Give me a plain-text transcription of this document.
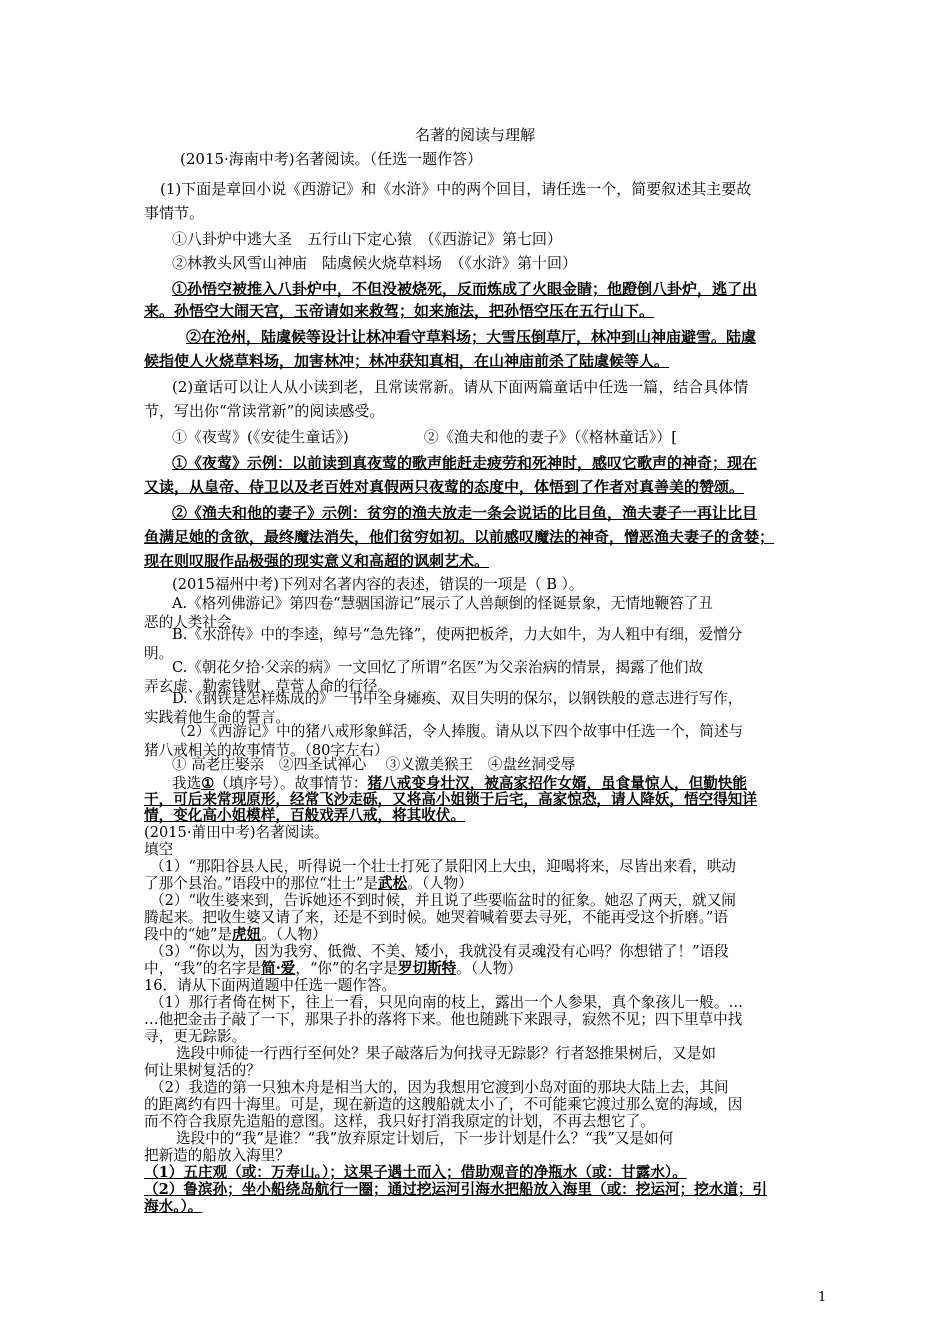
名著的阅读与理解
(2015·海南中考)名著阅读。（任选一题作答）
(1)下面是章回小说《西游记》和《水浒》中的两个回目，请任选一个，简要叙述其主要故
事情节。
①八卦炉中逃大圣　五行山下定心猿　（《西游记》第七回）
②林教头风雪山神庙　陆虞候火烧草料场　（《水浒》第十回）
①孙悟空被推入八卦炉中，不但没被烧死，反而炼成了火眼金睛；他蹬倒八卦炉，逃了出
来。孙悟空大闹天宫，玉帝请如来救驾；如来施法，把孙悟空压在五行山下。
②在沧州，陆虞候等设计让林冲看守草料场；大雪压倒草厅，林冲到山神庙避雪。陆虞
候指使人火烧草料场，加害林冲；林冲获知真相，在山神庙前杀了陆虞候等人。
(2)童话可以让人从小读到老，且常读常新。请从下面两篇童话中任选一篇，结合具体情
节，写出你“常读常新”的阅读感受。
①《夜莺》(《安徒生童话》)　　　　　②《渔夫和他的妻子》（《格林童话》）[
①《夜莺》示例：以前读到真夜莺的歌声能赶走疲劳和死神时，感叹它歌声的神奇；现在
又读，从皇帝、侍卫以及老百姓对真假两只夜莺的态度中，体悟到了作者对真善美的赞颂。
②《渔夫和他的妻子》示例：贫穷的渔夫放走一条会说话的比目鱼，渔夫妻子一再让比目
鱼满足她的贪欲，最终魔法消失，他们贫穷如初。以前感叹魔法的神奇，憎恶渔夫妻子的贪婪；
现在则叹服作品极强的现实意义和高超的讽刺艺术。
(2015福州中考)下列对名著内容的表述，错误的一项是（ B ）。
A.《格列佛游记》第四卷“慧骃国游记”展示了人兽颠倒的怪诞景象，无情地鞭笞了丑
恶的人类社会。
B.《水浒传》中的李逵，绰号“急先锋”，使两把板斧，力大如牛，为人粗中有细，爱憎分
明。
C.《朝花夕拾·父亲的病》一文回忆了所谓“名医”为父亲治病的情景，揭露了他们故
弄玄虚、勒索钱财、草菅人命的行径。
D.《钢铁是怎样炼成的》一书中全身瘫痪、双目失明的保尔，以钢铁般的意志进行写作，
实践着他生命的誓言。
（2）《西游记》中的猪八戒形象鲜活，令人捧腹。请从以下四个故事中任选一个，简述与
猪八戒相关的故事情节。（80字左右）
① 高老庄娶亲　②四圣试禅心　 ③义激美猴王　④盘丝洞受辱
我选①（填序号）。故事情节：猪八戒变身壮汉，被高家招作女婿，虽食量惊人，但勤快能
干，可后来常现原形，经常飞沙走砾，又将高小姐锁于后宅，高家惊恐，请人降妖，悟空得知详
情，变化高小姐模样，百般戏弄八戒，将其收伏。
(2015·莆田中考)名著阅读。
填空
（1）“那阳谷县人民，听得说一个壮士打死了景阳冈上大虫，迎喝将来，尽皆出来看，哄动
了那个县治。”语段中的那位“壮士”是武松。（人物）
（2）“收生婆来到，告诉她还不到时候，并且说了些要临盆时的征象。她忍了两天，就又闹
腾起来。把收生婆又请了来，还是不到时候。她哭着喊着要去寻死，不能再受这个折磨。”语
段中的“她”是虎妞。（人物）
（3）“你以为，因为我穷、低微、不美、矮小，我就没有灵魂没有心吗？你想错了！”语段
中，“我”的名字是简·爱，“你”的名字是罗切斯特。（人物）
16．请从下面两道题中任选一题作答。
（1）那行者倚在树下，往上一看，只见向南的枝上，露出一个人参果，真个象孩儿一般。…
…他把金击子敲了一下，那果子扑的落将下来。他也随跳下来跟寻，寂然不见；四下里草中找
寻，更无踪影。
选段中师徒一行西行至何处？果子敲落后为何找寻无踪影？行者怒推果树后，又是如
何让果树复活的？
（2）我造的第一只独木舟是相当大的，因为我想用它渡到小岛对面的那块大陆上去，其间
的距离约有四十海里。可是，现在新造的这艘船就太小了，不可能乘它渡过那么宽的海域，因
而不符合我原先造船的意图。这样，我只好打消我原定的计划，不再去想它了。
选段中的“我”是谁？“我”放弃原定计划后，下一步计划是什么？“我”又是如何
把新造的船放入海里？
（1）五庄观（或：万寿山。）；这果子遇土而入；借助观音的净瓶水（或：甘露水）。
（2）鲁滨孙；坐小船绕岛航行一圈；通过挖运河引海水把船放入海里（或：挖运河；挖水道；引
海水。）。
1
